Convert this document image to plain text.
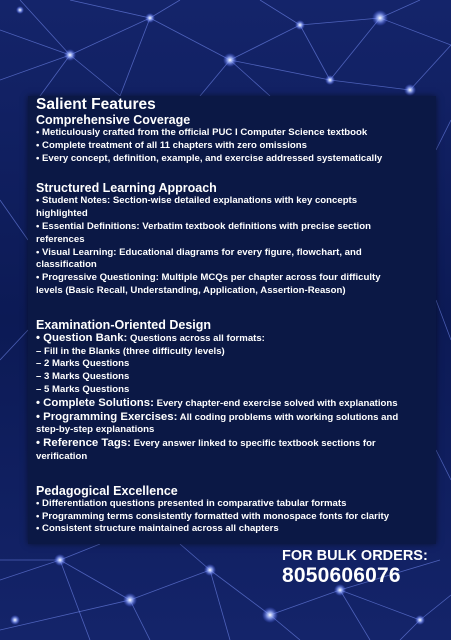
Salient Features

Comprehensive Coverage

• Meticulously crafted from the official PUC I Computer Science textbook

• Complete treatment of all 11 chapters with zero omissions

• Every concept, definition, example, and exercise addressed systematically

Structured Learning Approach

• Student Notes: Section-wise detailed explanations with key concepts

highlighted

• Essential Definitions: Verbatim textbook definitions with precise section

references

• Visual Learning: Educational diagrams for every figure, flowchart, and

classification

• Progressive Questioning: Multiple MCQs per chapter across four difficulty

levels (Basic Recall, Understanding, Application, Assertion-Reason)

Examination-Oriented Design

• Question Bank: Questions across all formats:

– Fill in the Blanks (three difficulty levels)

– 2 Marks Questions

– 3 Marks Questions

– 5 Marks Questions

• Complete Solutions: Every chapter-end exercise solved with explanations

• Programming Exercises: All coding problems with working solutions and

step-by-step explanations

• Reference Tags: Every answer linked to specific textbook sections for

verification

Pedagogical Excellence

• Differentiation questions presented in comparative tabular formats

• Programming terms consistently formatted with monospace fonts for clarity

• Consistent structure maintained across all chapters

FOR BULK ORDERS:

8050606076
